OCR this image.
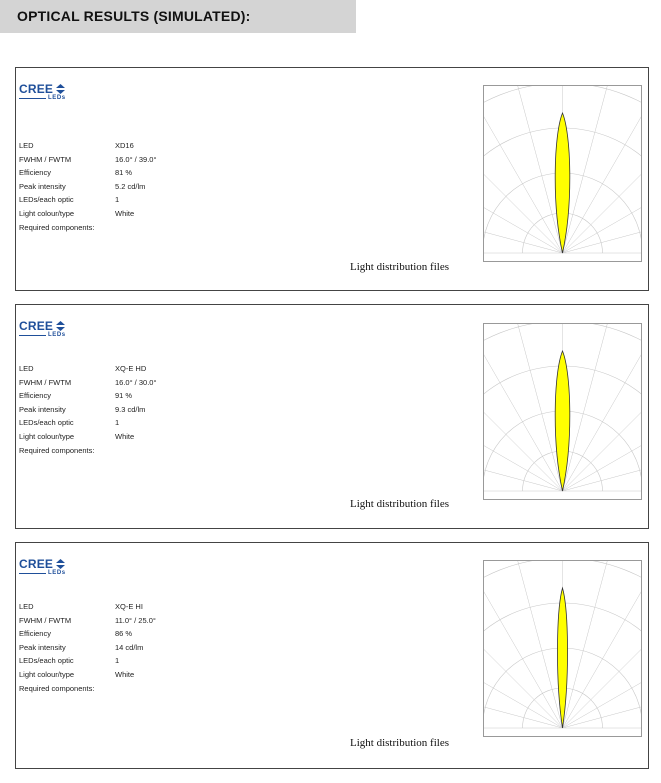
OPTICAL RESULTS (SIMULATED):
CREE
LEDs
LED	XD16
FWHM / FWTM	16.0° / 39.0°
Efficiency	81 %
Peak intensity	5.2 cd/lm
LEDs/each optic	1
Light colour/type	White
Required components:
Light distribution files
CREE
LEDs
LED	XQ-E HD
FWHM / FWTM	16.0° / 30.0°
Efficiency	91 %
Peak intensity	9.3 cd/lm
LEDs/each optic	1
Light colour/type	White
Required components:
Light distribution files
CREE
LEDs
LED	XQ-E HI
FWHM / FWTM	11.0° / 25.0°
Efficiency	86 %
Peak intensity	14 cd/lm
LEDs/each optic	1
Light colour/type	White
Required components:
Light distribution files
